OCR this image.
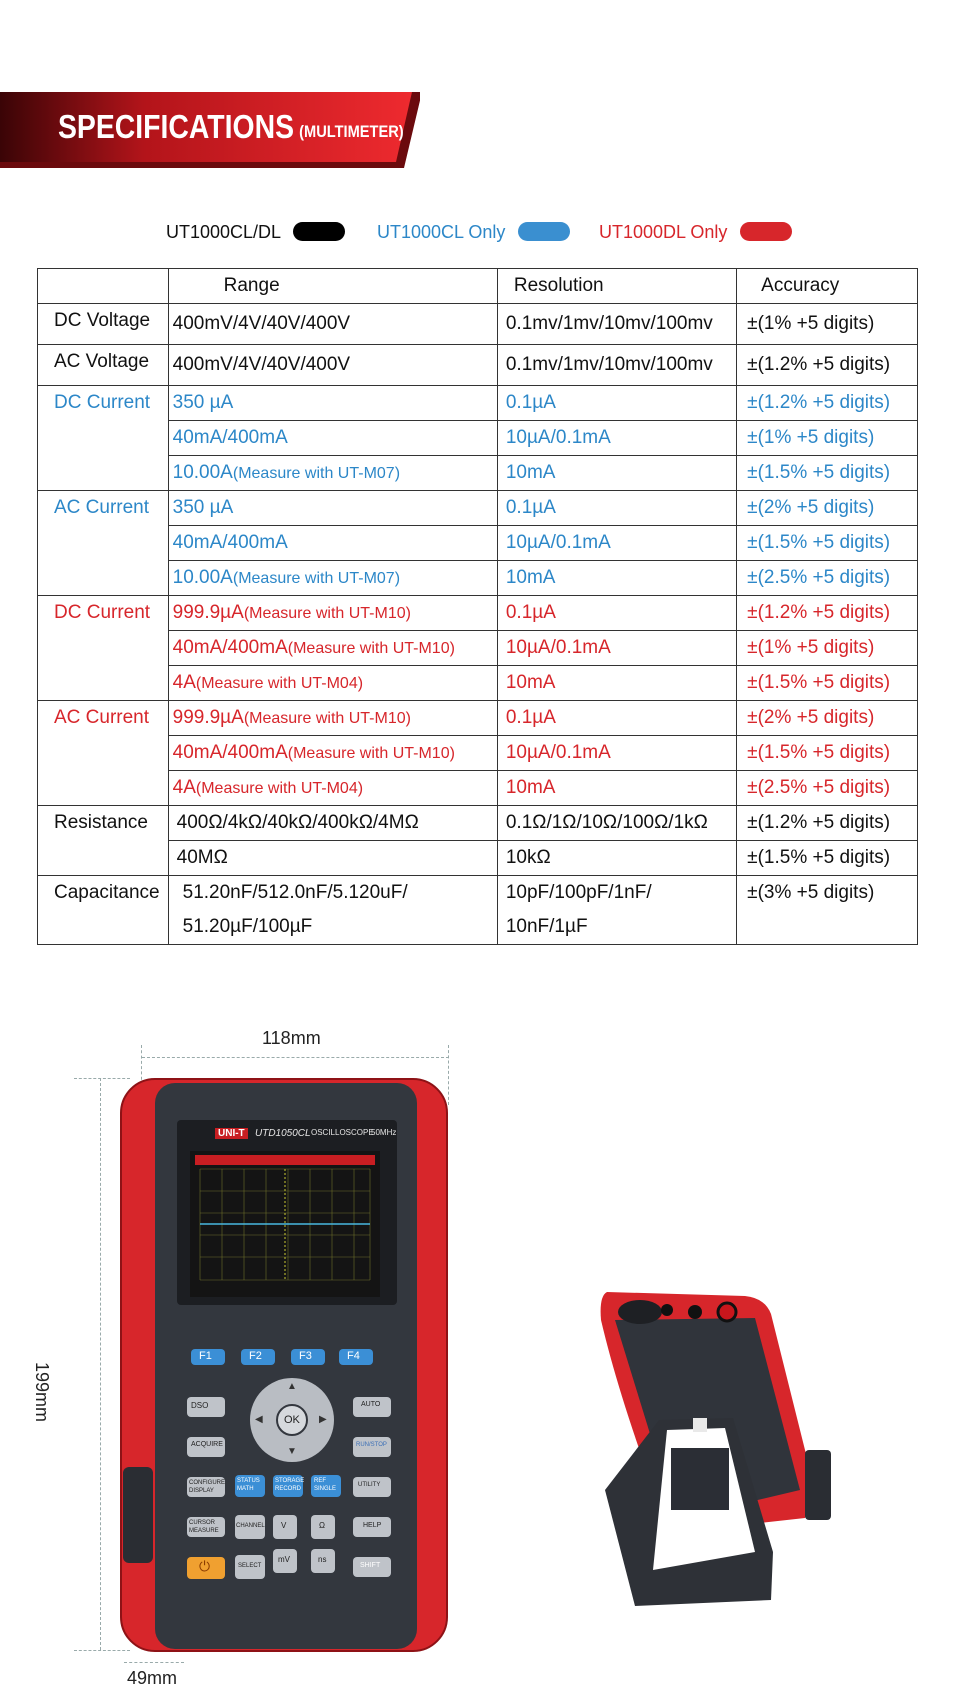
SPECIFICATIONS (MULTIMETER)
UT1000CL/DL	UT1000CL Only	UT1000DL Only
	Range	Resolution	Accuracy
DC Voltage	400mV/4V/40V/400V	0.1mv/1mv/10mv/100mv	±(1% +5 digits)
AC Voltage	400mV/4V/40V/400V	0.1mv/1mv/10mv/100mv	±(1.2% +5 digits)
DC Current	350 µA	0.1µA	±(1.2% +5 digits)
	40mA/400mA	10µA/0.1mA	±(1% +5 digits)
	10.00A(Measure with UT-M07)	10mA	±(1.5% +5 digits)
AC Current	350 µA	0.1µA	±(2% +5 digits)
	40mA/400mA	10µA/0.1mA	±(1.5% +5 digits)
	10.00A(Measure with UT-M07)	10mA	±(2.5% +5 digits)
DC Current	999.9µA(Measure with UT-M10)	0.1µA	±(1.2% +5 digits)
	40mA/400mA(Measure with UT-M10)	10µA/0.1mA	±(1% +5 digits)
	4A(Measure with UT-M04)	10mA	±(1.5% +5 digits)
AC Current	999.9µA(Measure with UT-M10)	0.1µA	±(2% +5 digits)
	40mA/400mA(Measure with UT-M10)	10µA/0.1mA	±(1.5% +5 digits)
	4A(Measure with UT-M04)	10mA	±(2.5% +5 digits)
Resistance	400Ω/4kΩ/40kΩ/400kΩ/4MΩ	0.1Ω/1Ω/10Ω/100Ω/1kΩ	±(1.2% +5 digits)
	40MΩ	10kΩ	±(1.5% +5 digits)
Capacitance	51.20nF/512.0nF/5.120uF/	10pF/100pF/1nF/	±(3% +5 digits)
	51.20µF/100µF	10nF/1µF	
118mm
199mm
49mm
UNI-T	UTD1050CL OSCILLOSCOPE
50MHz
F1	F2	F3	F4
DSO
ACQUIRE
CONFIGURE DISPLAY
CURSOR MEASURE
⏻
OK
▲
▼
◀	▶
STATUS MATH
STORAGE RECORD
REF SINGLE
CHANNEL V	Ω
SELECT
mV	ns
AUTO
RUN/STOP
UTILITY
HELP
SHIFT
